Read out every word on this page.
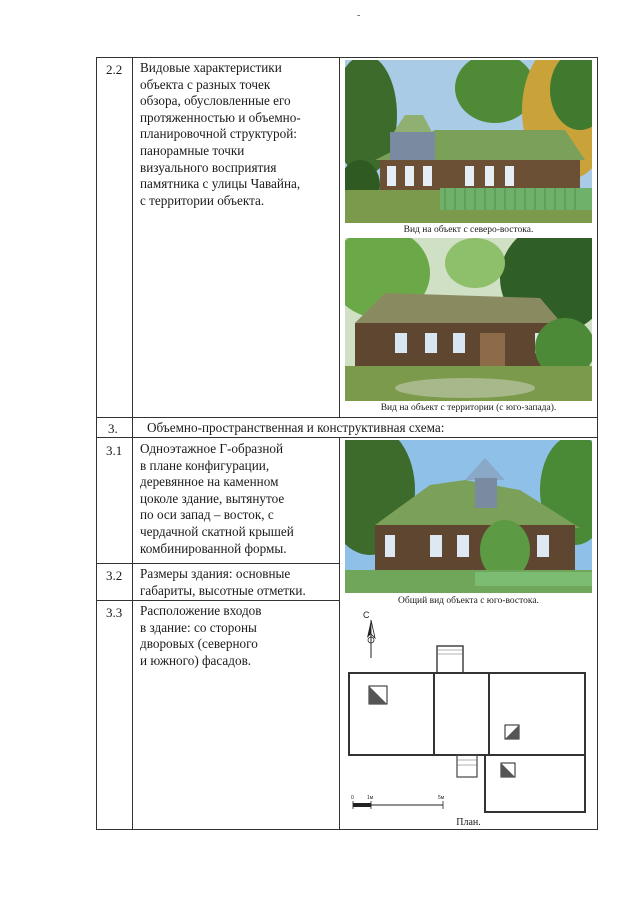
-
2.2 Видовые характеристики
объекта с разных точек
обзора, обусловленные его
протяженностью и объемно-
планировочной структурой:
панорамные точки
визуального восприятия
памятника с улицы Чавайна,
с территории объекта.
Вид на объект с северо-востока.
Вид на объект с территории (с юго-запада).
3. Объемно-пространственная и конструктивная схема:
3.1 Одноэтажное Г-образной
в плане конфигурации,
деревянное на каменном
цоколе здание, вытянутое
по оси запад – восток, с
чердачной скатной крышей
комбинированной формы.
Общий вид объекта с юго-востока.
3.2 Размеры здания: основные
габариты, высотные отметки.
3.3 Расположение входов
в здание: со стороны
дворовых (северного
и южного) фасадов.
С
0	1м	5м
План.
